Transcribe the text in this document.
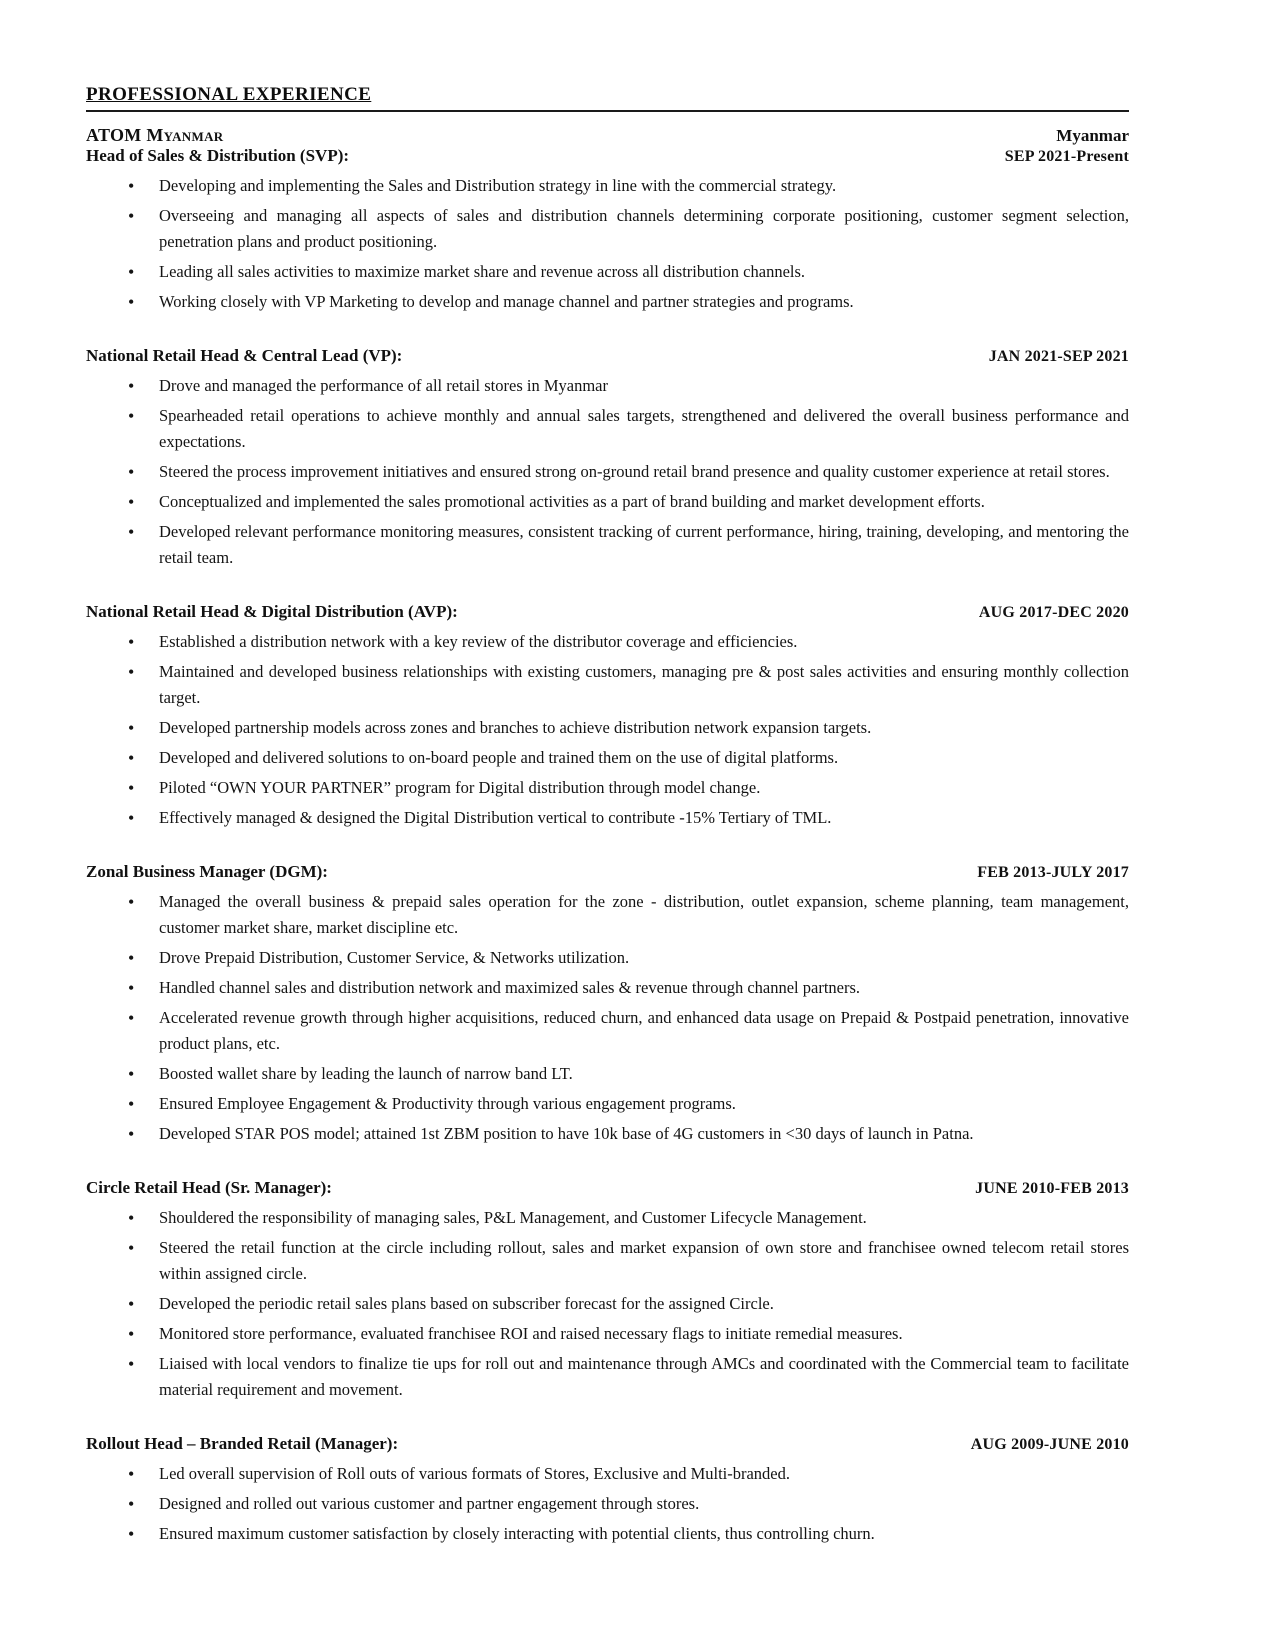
PROFESSIONAL EXPERIENCE
ATOM Myanmar	Myanmar
Head of Sales & Distribution (SVP):	SEP 2021-Present
• Developing and implementing the Sales and Distribution strategy in line with the commercial strategy.
• Overseeing and managing all aspects of sales and distribution channels determining corporate positioning, customer segment selection, penetration plans and product positioning.
• Leading all sales activities to maximize market share and revenue across all distribution channels.
• Working closely with VP Marketing to develop and manage channel and partner strategies and programs.
National Retail Head & Central Lead (VP):	JAN 2021-SEP 2021
• Drove and managed the performance of all retail stores in Myanmar
• Spearheaded retail operations to achieve monthly and annual sales targets, strengthened and delivered the overall business performance and expectations.
• Steered the process improvement initiatives and ensured strong on-ground retail brand presence and quality customer experience at retail stores.
• Conceptualized and implemented the sales promotional activities as a part of brand building and market development efforts.
• Developed relevant performance monitoring measures, consistent tracking of current performance, hiring, training, developing, and mentoring the retail team.
National Retail Head & Digital Distribution (AVP):	AUG 2017-DEC 2020
• Established a distribution network with a key review of the distributor coverage and efficiencies.
• Maintained and developed business relationships with existing customers, managing pre & post sales activities and ensuring monthly collection target.
• Developed partnership models across zones and branches to achieve distribution network expansion targets.
• Developed and delivered solutions to on-board people and trained them on the use of digital platforms.
• Piloted “OWN YOUR PARTNER” program for Digital distribution through model change.
• Effectively managed & designed the Digital Distribution vertical to contribute -15% Tertiary of TML.
Zonal Business Manager (DGM):	FEB 2013-JULY 2017
• Managed the overall business & prepaid sales operation for the zone - distribution, outlet expansion, scheme planning, team management, customer market share, market discipline etc.
• Drove Prepaid Distribution, Customer Service, & Networks utilization.
• Handled channel sales and distribution network and maximized sales & revenue through channel partners.
• Accelerated revenue growth through higher acquisitions, reduced churn, and enhanced data usage on Prepaid & Postpaid penetration, innovative product plans, etc.
• Boosted wallet share by leading the launch of narrow band LT.
• Ensured Employee Engagement & Productivity through various engagement programs.
• Developed STAR POS model; attained 1st ZBM position to have 10k base of 4G customers in <30 days of launch in Patna.
Circle Retail Head (Sr. Manager):	JUNE 2010-FEB 2013
• Shouldered the responsibility of managing sales, P&L Management, and Customer Lifecycle Management.
• Steered the retail function at the circle including rollout, sales and market expansion of own store and franchisee owned telecom retail stores within assigned circle.
• Developed the periodic retail sales plans based on subscriber forecast for the assigned Circle.
• Monitored store performance, evaluated franchisee ROI and raised necessary flags to initiate remedial measures.
• Liaised with local vendors to finalize tie ups for roll out and maintenance through AMCs and coordinated with the Commercial team to facilitate material requirement and movement.
Rollout Head – Branded Retail (Manager):	AUG 2009-JUNE 2010
• Led overall supervision of Roll outs of various formats of Stores, Exclusive and Multi-branded.
• Designed and rolled out various customer and partner engagement through stores.
• Ensured maximum customer satisfaction by closely interacting with potential clients, thus controlling churn.
